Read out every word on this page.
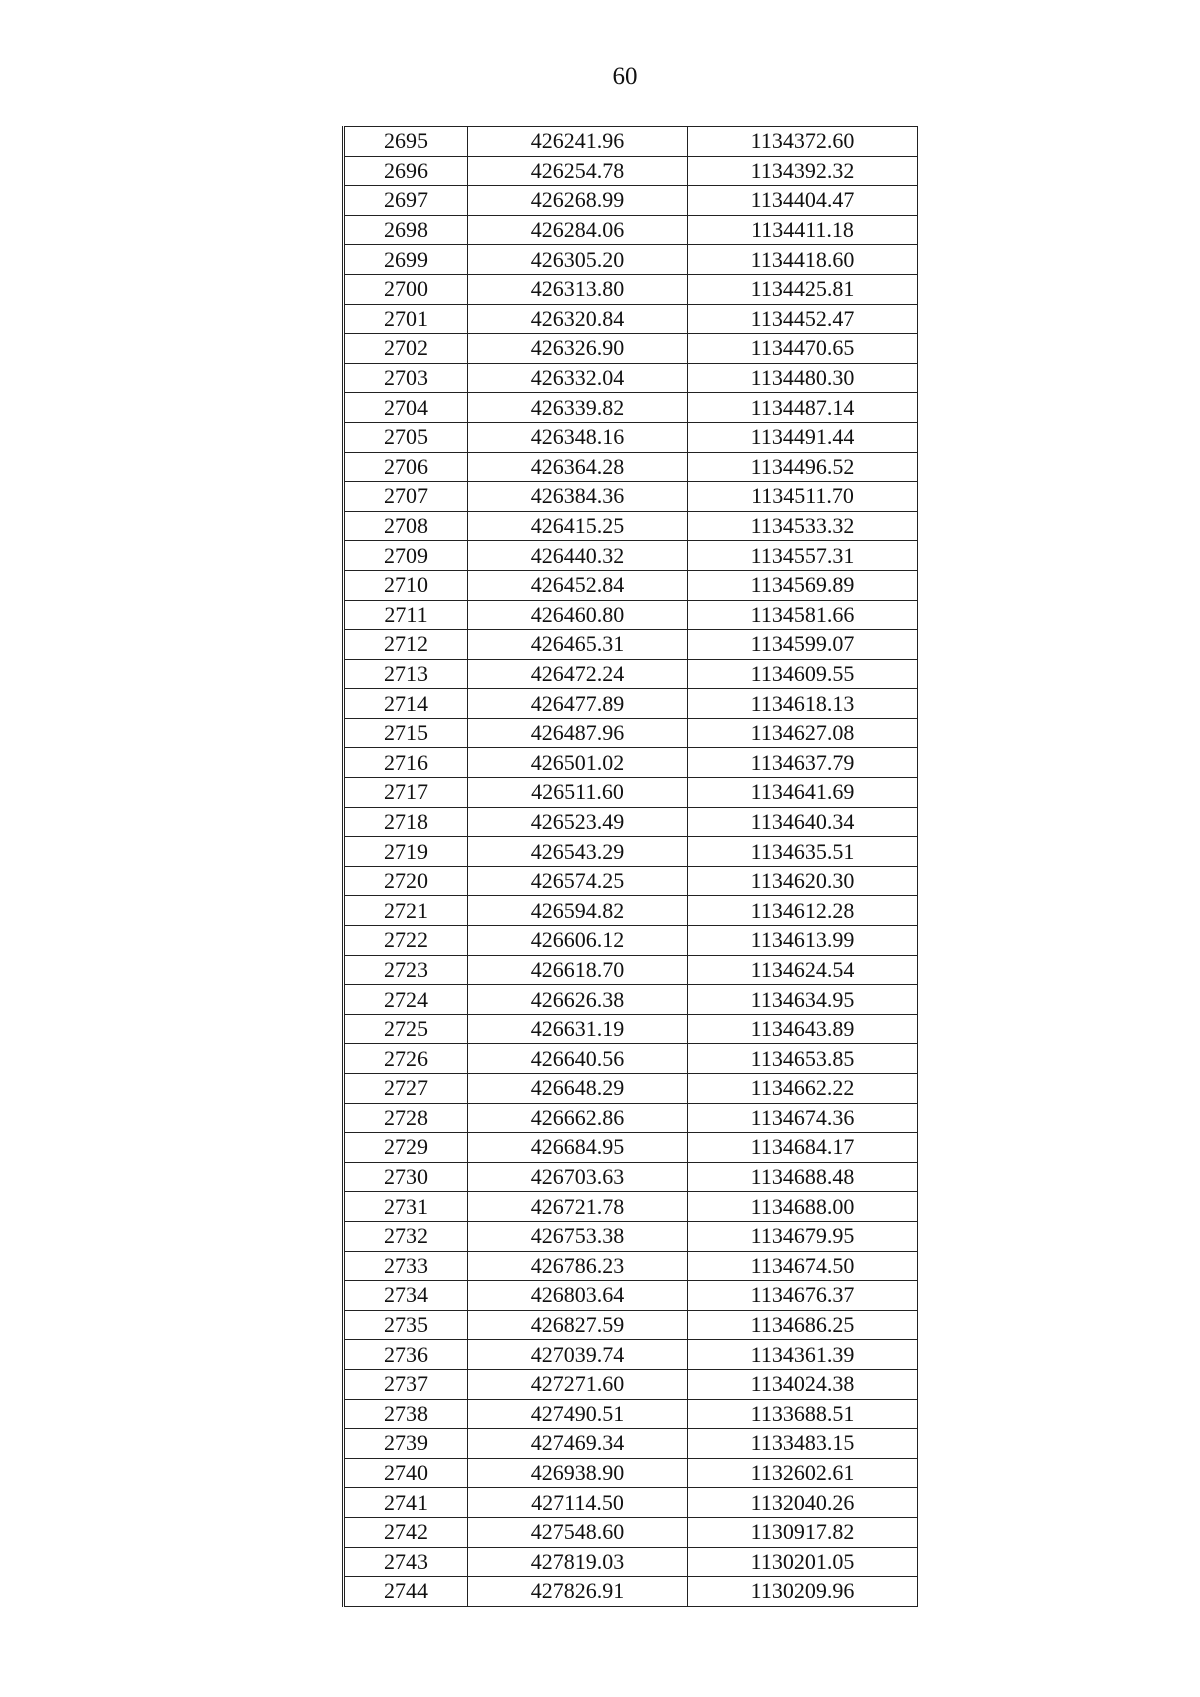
60
2695	426241.96	1134372.60
2696	426254.78	1134392.32
2697	426268.99	1134404.47
2698	426284.06	1134411.18
2699	426305.20	1134418.60
2700	426313.80	1134425.81
2701	426320.84	1134452.47
2702	426326.90	1134470.65
2703	426332.04	1134480.30
2704	426339.82	1134487.14
2705	426348.16	1134491.44
2706	426364.28	1134496.52
2707	426384.36	1134511.70
2708	426415.25	1134533.32
2709	426440.32	1134557.31
2710	426452.84	1134569.89
2711	426460.80	1134581.66
2712	426465.31	1134599.07
2713	426472.24	1134609.55
2714	426477.89	1134618.13
2715	426487.96	1134627.08
2716	426501.02	1134637.79
2717	426511.60	1134641.69
2718	426523.49	1134640.34
2719	426543.29	1134635.51
2720	426574.25	1134620.30
2721	426594.82	1134612.28
2722	426606.12	1134613.99
2723	426618.70	1134624.54
2724	426626.38	1134634.95
2725	426631.19	1134643.89
2726	426640.56	1134653.85
2727	426648.29	1134662.22
2728	426662.86	1134674.36
2729	426684.95	1134684.17
2730	426703.63	1134688.48
2731	426721.78	1134688.00
2732	426753.38	1134679.95
2733	426786.23	1134674.50
2734	426803.64	1134676.37
2735	426827.59	1134686.25
2736	427039.74	1134361.39
2737	427271.60	1134024.38
2738	427490.51	1133688.51
2739	427469.34	1133483.15
2740	426938.90	1132602.61
2741	427114.50	1132040.26
2742	427548.60	1130917.82
2743	427819.03	1130201.05
2744	427826.91	1130209.96
